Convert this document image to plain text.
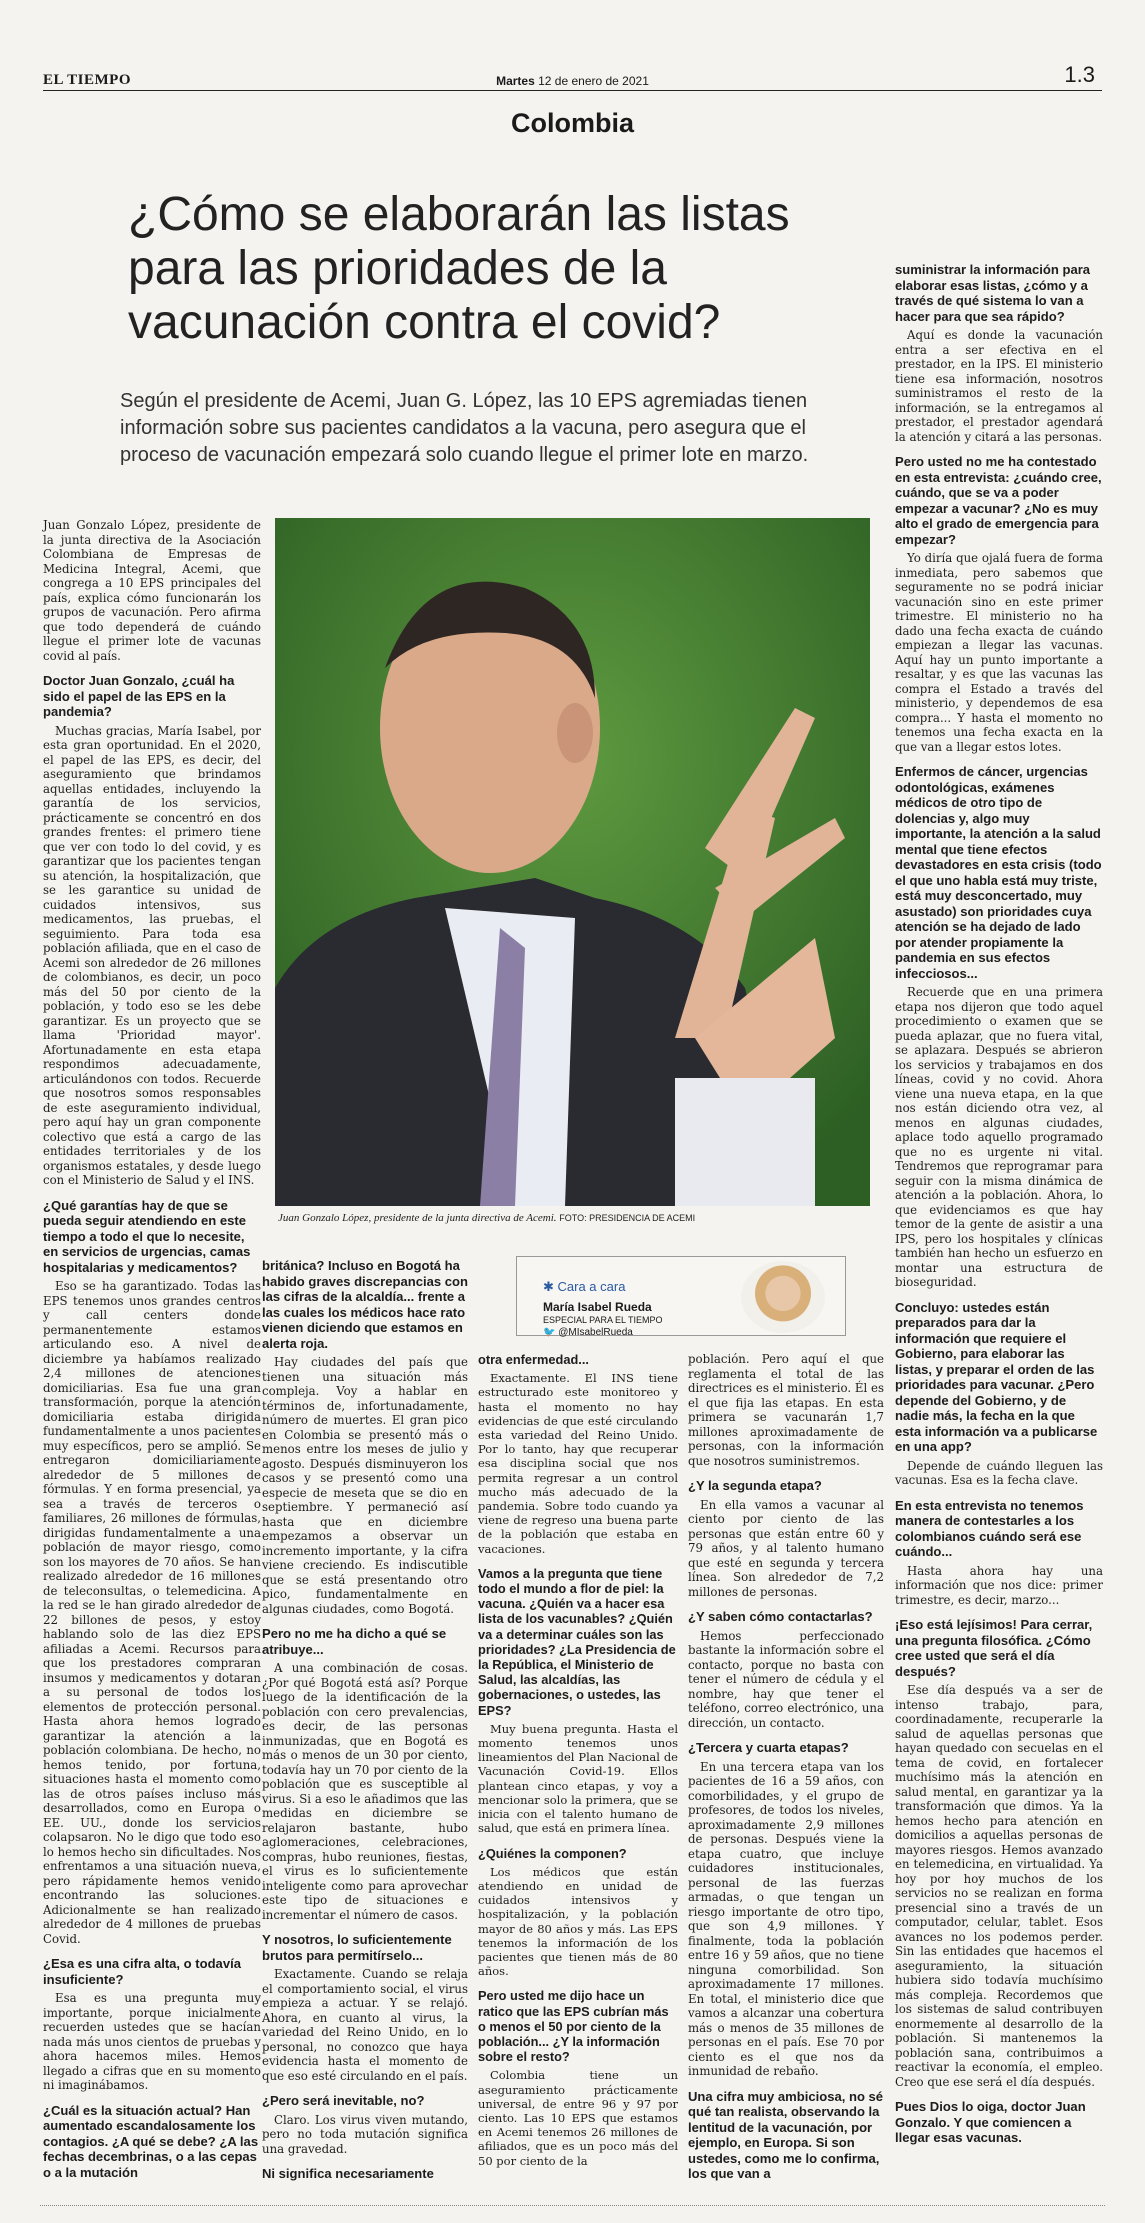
EL TIEMPO	Martes 12 de enero de 2021	1.3
Colombia
¿Cómo se elaborarán las listas para las prioridades de la vacunación contra el covid?
Según el presidente de Acemi, Juan G. López, las 10 EPS agremiadas tienen información sobre sus pacientes candidatos a la vacuna, pero asegura que el proceso de vacunación empezará solo cuando llegue el primer lote en marzo.

Juan Gonzalo López, presidente de la junta directiva de la Asociación Colombiana de Empresas de Medicina Integral, Acemi, que congrega a 10 EPS principales del país, explica cómo funcionarán los grupos de vacunación. Pero afirma que todo dependerá de cuándo llegue el primer lote de vacunas covid al país.

Doctor Juan Gonzalo, ¿cuál ha sido el papel de las EPS en la pandemia?

Muchas gracias, María Isabel, por esta gran oportunidad. En el 2020, el papel de las EPS, es decir, del aseguramiento que brindamos aquellas entidades, incluyendo la garantía de los servicios, prácticamente se concentró en dos grandes frentes: el primero tiene que ver con todo lo del covid, y es garantizar que los pacientes tengan su atención, la hospitalización, que se les garantice su unidad de cuidados intensivos, sus medicamentos, las pruebas, el seguimiento. Para toda esa población afiliada, que en el caso de Acemi son alrededor de 26 millones de colombianos, es decir, un poco más del 50 por ciento de la población, y todo eso se les debe garantizar. Es un proyecto que se llama 'Prioridad mayor'. Afortunadamente en esta etapa respondimos adecuadamente, articulándonos con todos. Recuerde que nosotros somos responsables de este aseguramiento individual, pero aquí hay un gran componente colectivo que está a cargo de las entidades territoriales y de los organismos estatales, y desde luego con el Ministerio de Salud y el INS.

¿Qué garantías hay de que se pueda seguir atendiendo en este tiempo a todo el que lo necesite, en servicios de urgencias, camas hospitalarias y medicamentos?

Eso se ha garantizado. Todas las EPS tenemos unos grandes centros y call centers donde permanentemente estamos articulando eso. A nivel de diciembre ya habíamos realizado 2,4 millones de atenciones domiciliarias. Esa fue una gran transformación, porque la atención domiciliaria estaba dirigida fundamentalmente a unos pacientes muy específicos, pero se amplió. Se entregaron domiciliariamente alrededor de 5 millones de fórmulas. Y en forma presencial, ya sea a través de terceros o familiares, 26 millones de fórmulas, dirigidas fundamentalmente a una población de mayor riesgo, como son los mayores de 70 años. Se han realizado alrededor de 16 millones de teleconsultas, o telemedicina. A la red se le han girado alrededor de 22 billones de pesos, y estoy hablando solo de las diez EPS afiliadas a Acemi. Recursos para que los prestadores compraran insumos y medicamentos y dotaran a su personal de todos los elementos de protección personal. Hasta ahora hemos logrado garantizar la atención a la población colombiana. De hecho, no hemos tenido, por fortuna, situaciones hasta el momento como las de otros países incluso más desarrollados, como en Europa o EE. UU., donde los servicios colapsaron. No le digo que todo eso lo hemos hecho sin dificultades. Nos enfrentamos a una situación nueva, pero rápidamente hemos venido encontrando las soluciones. Adicionalmente se han realizado alrededor de 4 millones de pruebas Covid.

¿Esa es una cifra alta, o todavía insuficiente?

Esa es una pregunta muy importante, porque inicialmente recuerden ustedes que se hacían nada más unos cientos de pruebas y ahora hacemos miles. Hemos llegado a cifras que en su momento ni imaginábamos.

¿Cuál es la situación actual? Han aumentado escandalosamente los contagios. ¿A qué se debe? ¿A las fechas decembrinas, o a las cepas o a la mutación

Juan Gonzalo López, presidente de la junta directiva de Acemi. FOTO: PRESIDENCIA DE ACEMI
✱ Cara a cara
María Isabel Rueda
ESPECIAL PARA EL TIEMPO
🐦 @MIsabelRueda

británica? Incluso en Bogotá ha habido graves discrepancias con las cifras de la alcaldía... frente a las cuales los médicos hace rato vienen diciendo que estamos en alerta roja.

Hay ciudades del país que tienen una situación más compleja. Voy a hablar en términos de, infortunadamente, número de muertes. El gran pico en Colombia se presentó más o menos entre los meses de julio y agosto. Después disminuyeron los casos y se presentó como una especie de meseta que se dio en septiembre. Y permaneció así hasta que en diciembre empezamos a observar un incremento importante, y la cifra viene creciendo. Es indiscutible que se está presentando otro pico, fundamentalmente en algunas ciudades, como Bogotá.

Pero no me ha dicho a qué se atribuye...

A una combinación de cosas. ¿Por qué Bogotá está así? Porque luego de la identificación de la población con cero prevalencias, es decir, de las personas inmunizadas, que en Bogotá es más o menos de un 30 por ciento, todavía hay un 70 por ciento de la población que es susceptible al virus. Si a eso le añadimos que las medidas en diciembre se relajaron bastante, hubo aglomeraciones, celebraciones, compras, hubo reuniones, fiestas, el virus es lo suficientemente inteligente como para aprovechar este tipo de situaciones e incrementar el número de casos.

Y nosotros, lo suficientemente brutos para permitírselo...

Exactamente. Cuando se relaja el comportamiento social, el virus empieza a actuar. Y se relajó. Ahora, en cuanto al virus, la variedad del Reino Unido, en lo personal, no conozco que haya evidencia hasta el momento de que eso esté circulando en el país.

¿Pero será inevitable, no?

Claro. Los virus viven mutando, pero no toda mutación significa una gravedad.

Ni significa necesariamente

otra enfermedad...

Exactamente. El INS tiene estructurado este monitoreo y hasta el momento no hay evidencias de que esté circulando esta variedad del Reino Unido. Por lo tanto, hay que recuperar esa disciplina social que nos permita regresar a un control mucho más adecuado de la pandemia. Sobre todo cuando ya viene de regreso una buena parte de la población que estaba en vacaciones.

Vamos a la pregunta que tiene todo el mundo a flor de piel: la vacuna. ¿Quién va a hacer esa lista de los vacunables? ¿Quién va a determinar cuáles son las prioridades? ¿La Presidencia de la República, el Ministerio de Salud, las alcaldías, las gobernaciones, o ustedes, las EPS?

Muy buena pregunta. Hasta el momento tenemos unos lineamientos del Plan Nacional de Vacunación Covid-19. Ellos plantean cinco etapas, y voy a mencionar solo la primera, que se inicia con el talento humano de salud, que está en primera línea.

¿Quiénes la componen?

Los médicos que están atendiendo en unidad de cuidados intensivos y hospitalización, y la población mayor de 80 años y más. Las EPS tenemos la información de los pacientes que tienen más de 80 años.

Pero usted me dijo hace un ratico que las EPS cubrían más o menos el 50 por ciento de la población... ¿Y la información sobre el resto?

Colombia tiene un aseguramiento prácticamente universal, de entre 96 y 97 por ciento. Las 10 EPS que estamos en Acemi tenemos 26 millones de afiliados, que es un poco más del 50 por ciento de la

población. Pero aquí el que reglamenta el total de las directrices es el ministerio. Él es el que fija las etapas. En esta primera se vacunarán 1,7 millones aproximadamente de personas, con la información que nosotros suministremos.

¿Y la segunda etapa?

En ella vamos a vacunar al ciento por ciento de las personas que están entre 60 y 79 años, y al talento humano que esté en segunda y tercera línea. Son alrededor de 7,2 millones de personas.

¿Y saben cómo contactarlas?

Hemos perfeccionado bastante la información sobre el contacto, porque no basta con tener el número de cédula y el nombre, hay que tener el teléfono, correo electrónico, una dirección, un contacto.

¿Tercera y cuarta etapas?

En una tercera etapa van los pacientes de 16 a 59 años, con comorbilidades, y el grupo de profesores, de todos los niveles, aproximadamente 2,9 millones de personas. Después viene la etapa cuatro, que incluye cuidadores institucionales, personal de las fuerzas armadas, o que tengan un riesgo importante de otro tipo, que son 4,9 millones. Y finalmente, toda la población entre 16 y 59 años, que no tiene ninguna comorbilidad. Son aproximadamente 17 millones. En total, el ministerio dice que vamos a alcanzar una cobertura más o menos de 35 millones de personas en el país. Ese 70 por ciento es el que nos da inmunidad de rebaño.

Una cifra muy ambiciosa, no sé qué tan realista, observando la lentitud de la vacunación, por ejemplo, en Europa. Si son ustedes, como me lo confirma, los que van a

suministrar la información para elaborar esas listas, ¿cómo y a través de qué sistema lo van a hacer para que sea rápido?

Aquí es donde la vacunación entra a ser efectiva en el prestador, en la IPS. El ministerio tiene esa información, nosotros suministramos el resto de la información, se la entregamos al prestador, el prestador agendará la atención y citará a las personas.

Pero usted no me ha contestado en esta entrevista: ¿cuándo cree, cuándo, que se va a poder empezar a vacunar? ¿No es muy alto el grado de emergencia para empezar?

Yo diría que ojalá fuera de forma inmediata, pero sabemos que seguramente no se podrá iniciar vacunación sino en este primer trimestre. El ministerio no ha dado una fecha exacta de cuándo empiezan a llegar las vacunas. Aquí hay un punto importante a resaltar, y es que las vacunas las compra el Estado a través del ministerio, y dependemos de esa compra... Y hasta el momento no tenemos una fecha exacta en la que van a llegar estos lotes.

Enfermos de cáncer, urgencias odontológicas, exámenes médicos de otro tipo de dolencias y, algo muy importante, la atención a la salud mental que tiene efectos devastadores en esta crisis (todo el que uno habla está muy triste, está muy desconcertado, muy asustado) son prioridades cuya atención se ha dejado de lado por atender propiamente la pandemia en sus efectos infecciosos...

Recuerde que en una primera etapa nos dijeron que todo aquel procedimiento o examen que se pueda aplazar, que no fuera vital, se aplazara. Después se abrieron los servicios y trabajamos en dos líneas, covid y no covid. Ahora viene una nueva etapa, en la que nos están diciendo otra vez, al menos en algunas ciudades, aplace todo aquello programado que no es urgente ni vital. Tendremos que reprogramar para seguir con la misma dinámica de atención a la población. Ahora, lo que evidenciamos es que hay temor de la gente de asistir a una IPS, pero los hospitales y clínicas también han hecho un esfuerzo en montar una estructura de bioseguridad.

Concluyo: ustedes están preparados para dar la información que requiere el Gobierno, para elaborar las listas, y preparar el orden de las prioridades para vacunar. ¿Pero depende del Gobierno, y de nadie más, la fecha en la que esta información va a publicarse en una app?

Depende de cuándo lleguen las vacunas. Esa es la fecha clave.

En esta entrevista no tenemos manera de contestarles a los colombianos cuándo será ese cuándo...

Hasta ahora hay una información que nos dice: primer trimestre, es decir, marzo...

¡Eso está lejísimos! Para cerrar, una pregunta filosófica. ¿Cómo cree usted que será el día después?

Ese día después va a ser de intenso trabajo, para, coordinadamente, recuperarle la salud de aquellas personas que hayan quedado con secuelas en el tema de covid, en fortalecer muchísimo más la atención en salud mental, en garantizar ya la transformación que dimos. Ya la hemos hecho para atención en domicilios a aquellas personas de mayores riesgos. Hemos avanzado en telemedicina, en virtualidad. Ya hoy por hoy muchos de los servicios no se realizan en forma presencial sino a través de un computador, celular, tablet. Esos avances no los podemos perder. Sin las entidades que hacemos el aseguramiento, la situación hubiera sido todavía muchísimo más compleja. Recordemos que los sistemas de salud contribuyen enormemente al desarrollo de la población. Si mantenemos la población sana, contribuimos a reactivar la economía, el empleo. Creo que ese será el día después.

Pues Dios lo oiga, doctor Juan Gonzalo. Y que comiencen a llegar esas vacunas.
